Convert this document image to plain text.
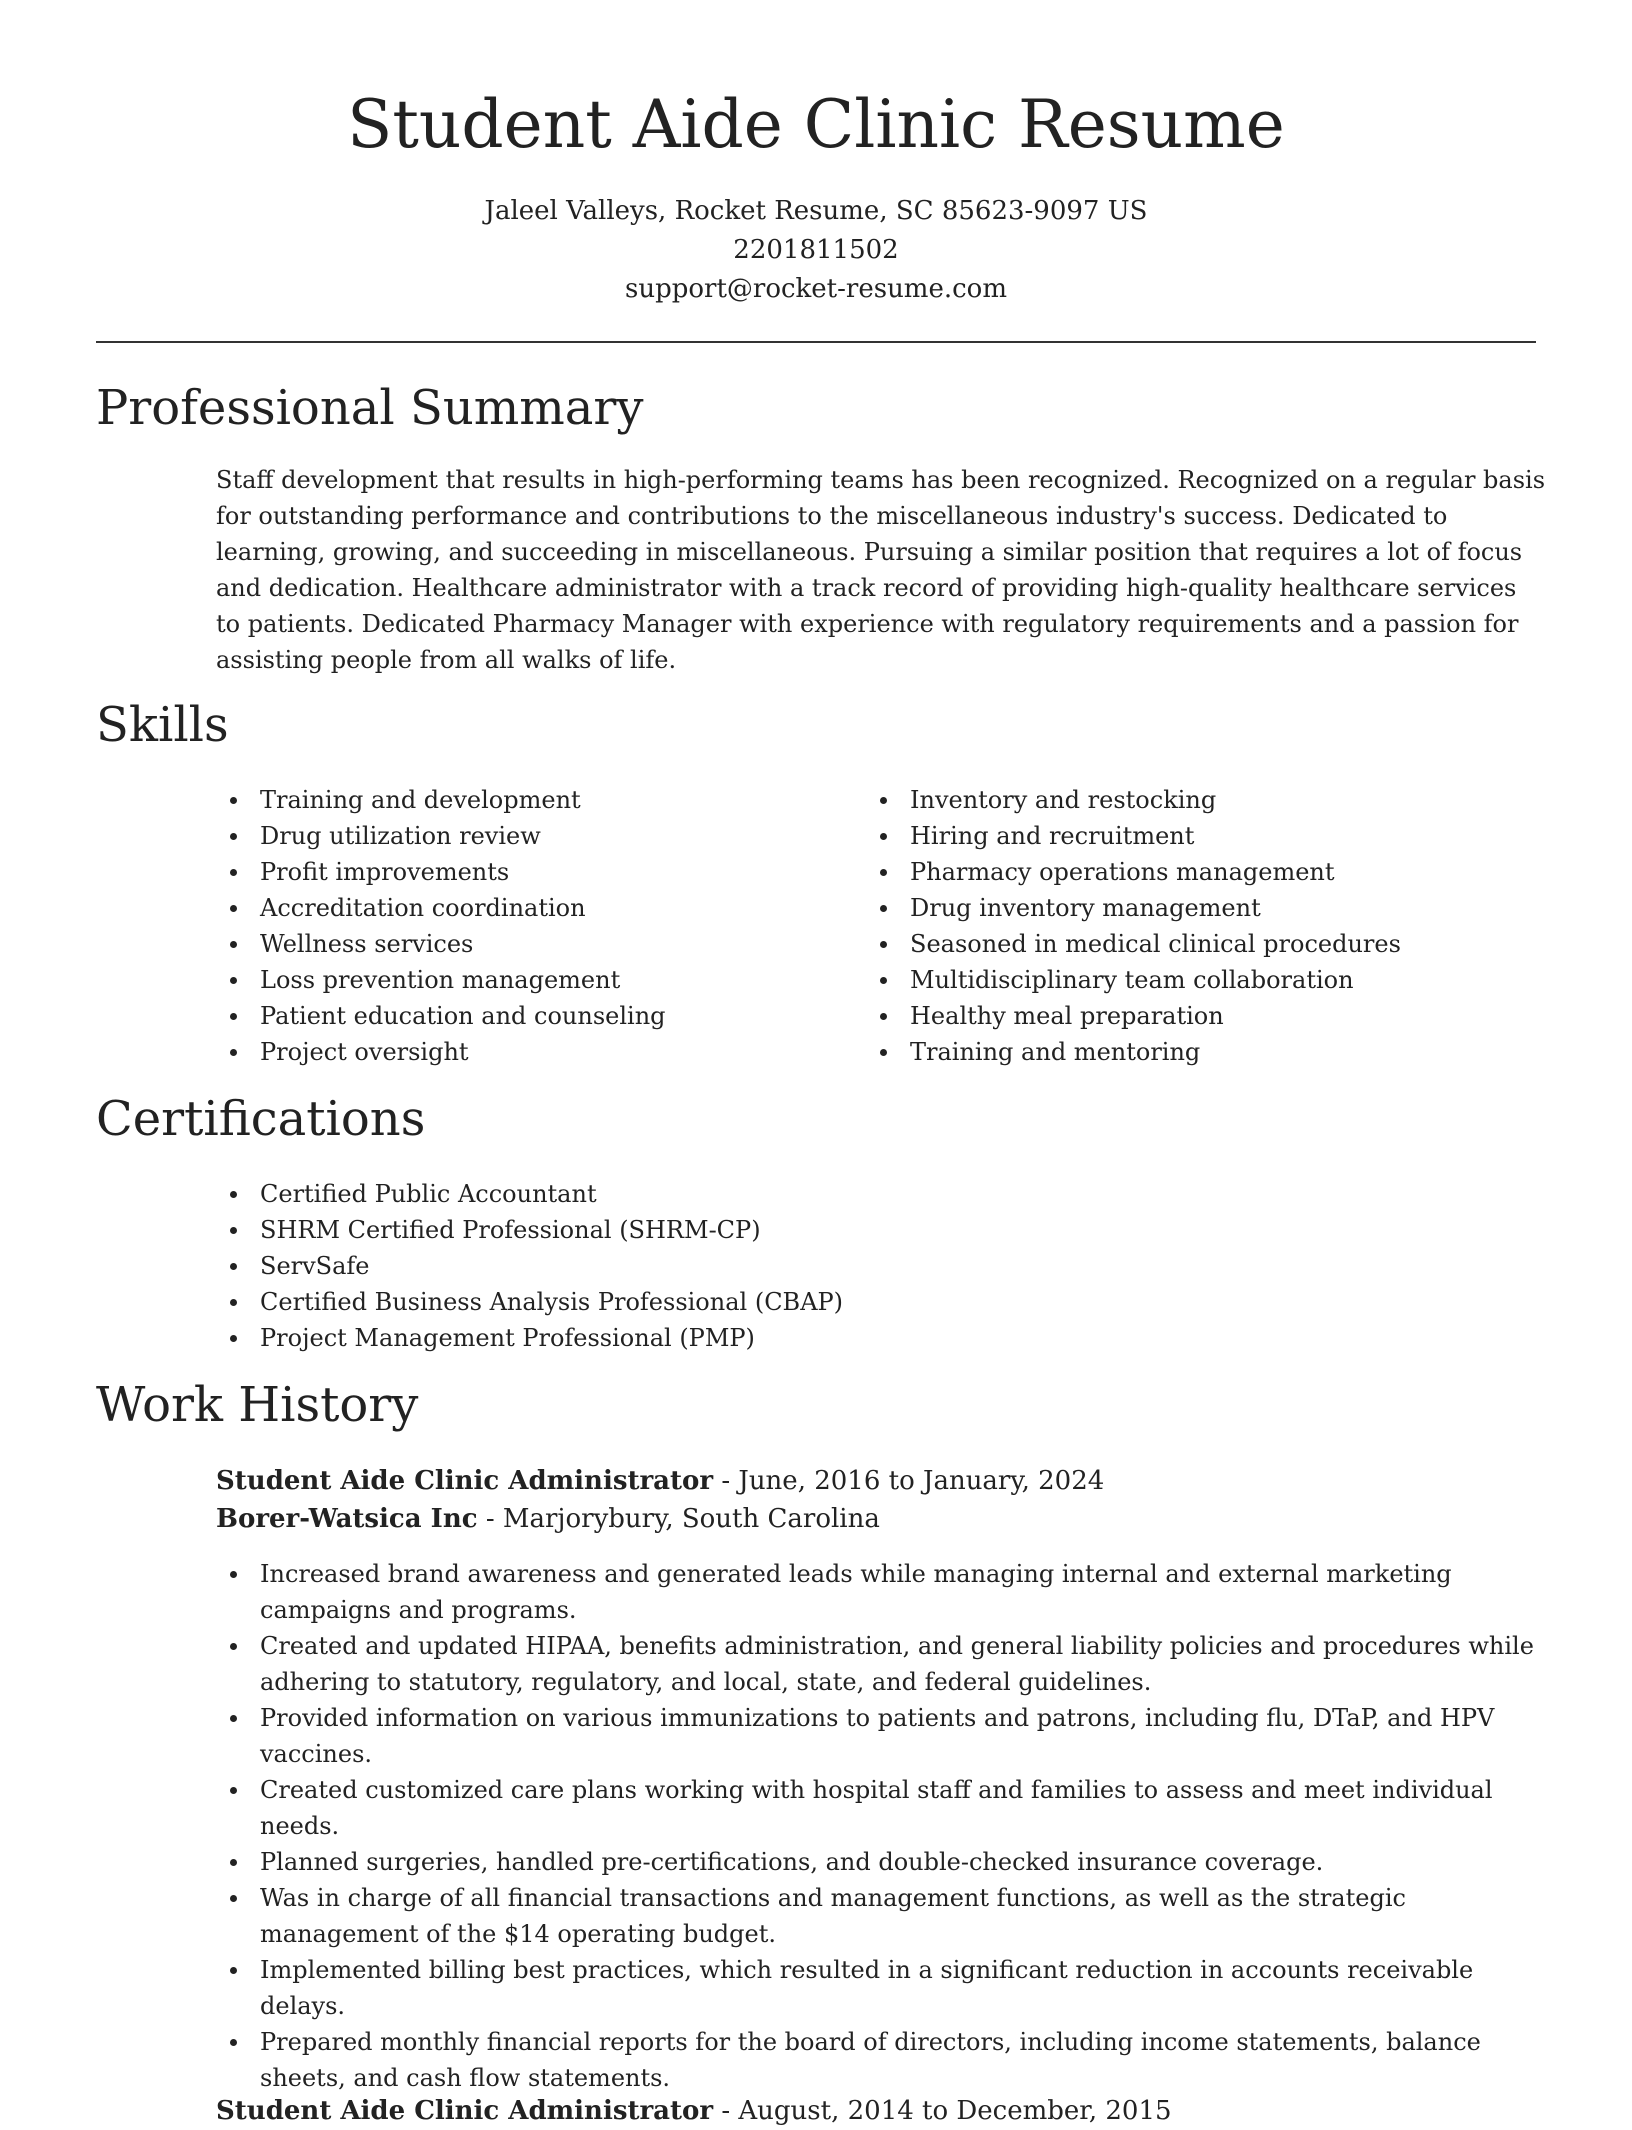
Student Aide Clinic Resume
Jaleel Valleys, Rocket Resume, SC 85623-9097 US
2201811502
support@rocket-resume.com
Professional Summary

Staff development that results in high-performing teams has been recognized. Recognized on a regular basis for outstanding performance and contributions to the miscellaneous industry's success. Dedicated to learning, growing, and succeeding in miscellaneous. Pursuing a similar position that requires a lot of focus and dedication. Healthcare administrator with a track record of providing high-quality healthcare services to patients. Dedicated Pharmacy Manager with experience with regulatory requirements and a passion for assisting people from all walks of life.

Skills
Training and development
Drug utilization review
Profit improvements
Accreditation coordination
Wellness services
Loss prevention management
Patient education and counseling
Project oversight
Inventory and restocking
Hiring and recruitment
Pharmacy operations management
Drug inventory management
Seasoned in medical clinical procedures
Multidisciplinary team collaboration
Healthy meal preparation
Training and mentoring
Certifications
Certified Public Accountant
SHRM Certified Professional (SHRM-CP)
ServSafe
Certified Business Analysis Professional (CBAP)
Project Management Professional (PMP)
Work History
Student Aide Clinic Administrator - June, 2016 to January, 2024
Borer-Watsica Inc - Marjorybury, South Carolina
Increased brand awareness and generated leads while managing internal and external marketing campaigns and programs.
Created and updated HIPAA, benefits administration, and general liability policies and procedures while adhering to statutory, regulatory, and local, state, and federal guidelines.
Provided information on various immunizations to patients and patrons, including flu, DTaP, and HPV vaccines.
Created customized care plans working with hospital staff and families to assess and meet individual needs.
Planned surgeries, handled pre-certifications, and double-checked insurance coverage.
Was in charge of all financial transactions and management functions, as well as the strategic management of the $14 operating budget.
Implemented billing best practices, which resulted in a significant reduction in accounts receivable delays.
Prepared monthly financial reports for the board of directors, including income statements, balance sheets, and cash flow statements.
Student Aide Clinic Administrator - August, 2014 to December, 2015
